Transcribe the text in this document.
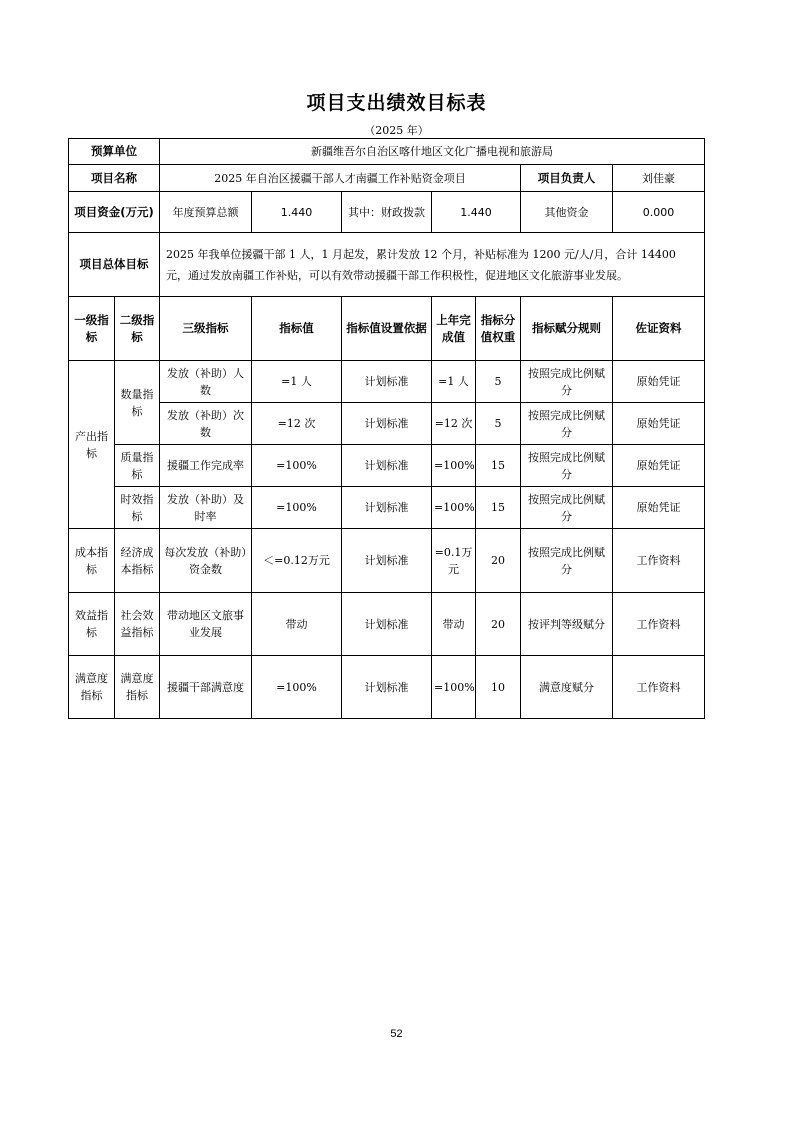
项目支出绩效目标表
（2025 年）
预算单位		新疆维吾尔自治区喀什地区文化广播电视和旅游局						
项目名称		2025 年自治区援疆干部人才南疆工作补贴资金项目					项目负责人	刘佳豪
项目资金(万元)		年度预算总额	1.440	其中：财政拨款	1.440		其他资金	0.000
项目总体目标		2025 年我单位援疆干部 1 人，1 月起发，累计发放 12 个月，补贴标准为 1200 元/人/月，合计 14400 元，通过发放南疆工作补贴，可以有效带动援疆干部工作积极性，促进地区文化旅游事业发展。						
一级指标	二级指标	三级指标	指标值	指标值设置依据	上年完成值	指标分值权重	指标赋分规则	佐证资料
产出指标	数量指标	发放（补助）人数	=1 人	计划标准	=1 人	5	按照完成比例赋分	原始凭证
		发放（补助）次数	=12 次	计划标准	=12 次	5	按照完成比例赋分	原始凭证
	质量指标	援疆工作完成率	=100%	计划标准	=100%	15	按照完成比例赋分	原始凭证
	时效指标	发放（补助）及时率	=100%	计划标准	=100%	15	按照完成比例赋分	原始凭证
成本指标	经济成本指标	每次发放（补助）资金数	＜=0.12万元	计划标准	=0.1万元	20	按照完成比例赋分	工作资料
效益指标	社会效益指标	带动地区文旅事业发展	带动	计划标准	带动	20	按评判等级赋分	工作资料
满意度指标	满意度指标	援疆干部满意度	=100%	计划标准	=100%	10	满意度赋分	工作资料
52
